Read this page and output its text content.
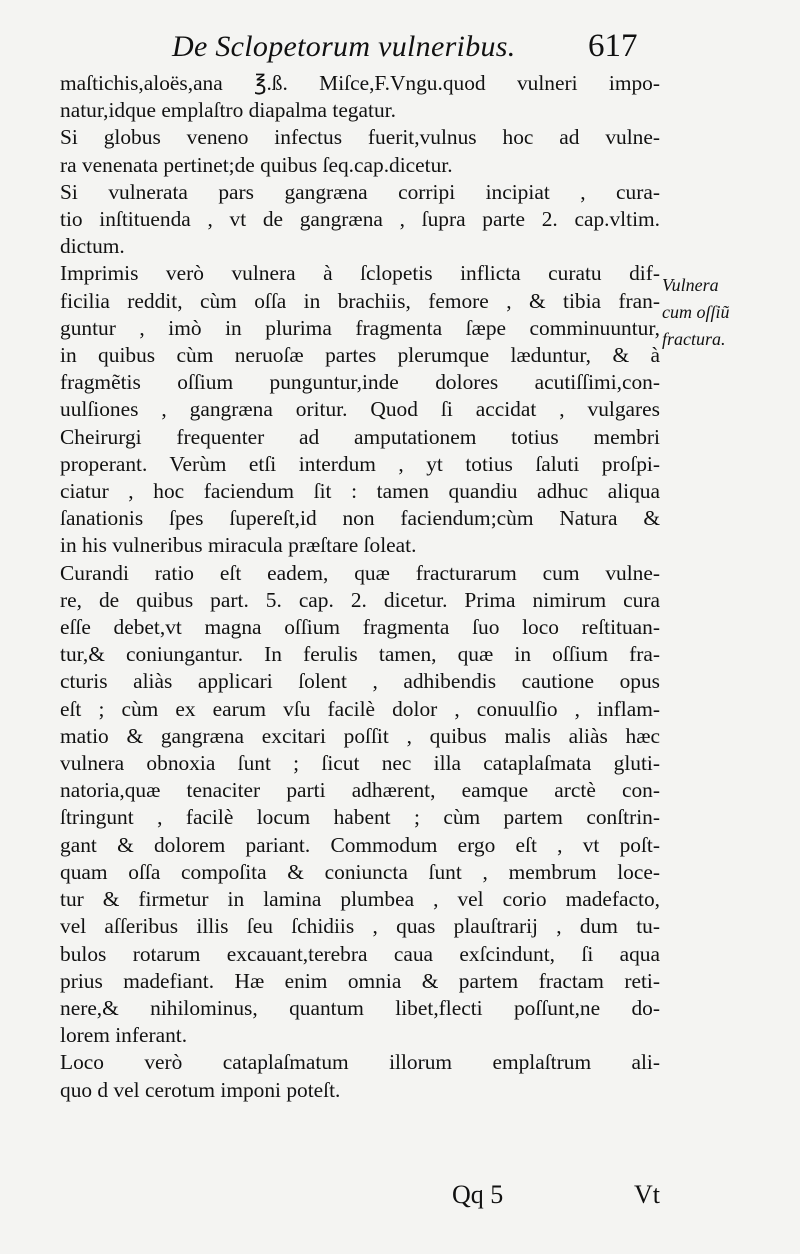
De Sclopetorum vulneribus. 617

maſtichis,aloës,ana ℥.ß. Miſce,F.Vngu.quod vulneri impo-
natur,idque emplaſtro diapalma tegatur.

Si globus veneno infectus fuerit,vulnus hoc ad vulne-
ra venenata pertinet;de quibus ſeq.cap.dicetur.

Si vulnerata pars gangræna corripi incipiat , cura-
tio inſtituenda , vt de gangræna , ſupra parte 2. cap.vltim.
dictum.

Imprimis verò vulnera à ſclopetis inflicta curatu dif-
ficilia reddit, cùm oſſa in brachiis, femore , & tibia fran-
guntur , imò in plurima fragmenta ſæpe comminuuntur,
in quibus cùm neruoſæ partes plerumque læduntur, & à
fragmẽtis oſſium punguntur,inde dolores acutiſſimi,con-
uulſiones , gangræna oritur. Quod ſi accidat , vulgares
Cheirurgi frequenter ad amputationem totius membri
properant. Verùm etſi interdum , yt totius ſaluti proſpi-
ciatur , hoc faciendum ſit : tamen quandiu adhuc aliqua
ſanationis ſpes ſupereſt,id non faciendum;cùm Natura &
in his vulneribus miracula præſtare ſoleat.

Curandi ratio eſt eadem, quæ fracturarum cum vulne-
re, de quibus part. 5. cap. 2. dicetur. Prima nimirum cura
eſſe debet,vt magna oſſium fragmenta ſuo loco reſtituan-
tur,& coniungantur. In ferulis tamen, quæ in oſſium fra-
cturis aliàs applicari ſolent , adhibendis cautione opus
eſt ; cùm ex earum vſu facilè dolor , conuulſio , inflam-
matio & gangræna excitari poſſit , quibus malis aliàs hæc
vulnera obnoxia ſunt ; ſicut nec illa cataplaſmata gluti-
natoria,quæ tenaciter parti adhærent, eamque arctè con-
ſtringunt , facilè locum habent ; cùm partem conſtrin-
gant & dolorem pariant. Commodum ergo eſt , vt poſt-
quam oſſa compoſita & coniuncta ſunt , membrum loce-
tur & firmetur in lamina plumbea , vel corio madefacto,
vel aſſeribus illis ſeu ſchidiis , quas plauſtrarij , dum tu-
bulos rotarum excauant,terebra caua exſcindunt, ſi aqua
prius madefiant. Hæ enim omnia & partem fractam reti-
nere,& nihilominus, quantum libet,flecti poſſunt,ne do-
lorem inferant.

Loco verò cataplaſmatum illorum emplaſtrum ali-
quo d vel cerotum imponi poteſt.

Vulnera
cum oſſiũ
fractura.
Qq 5	Vt
